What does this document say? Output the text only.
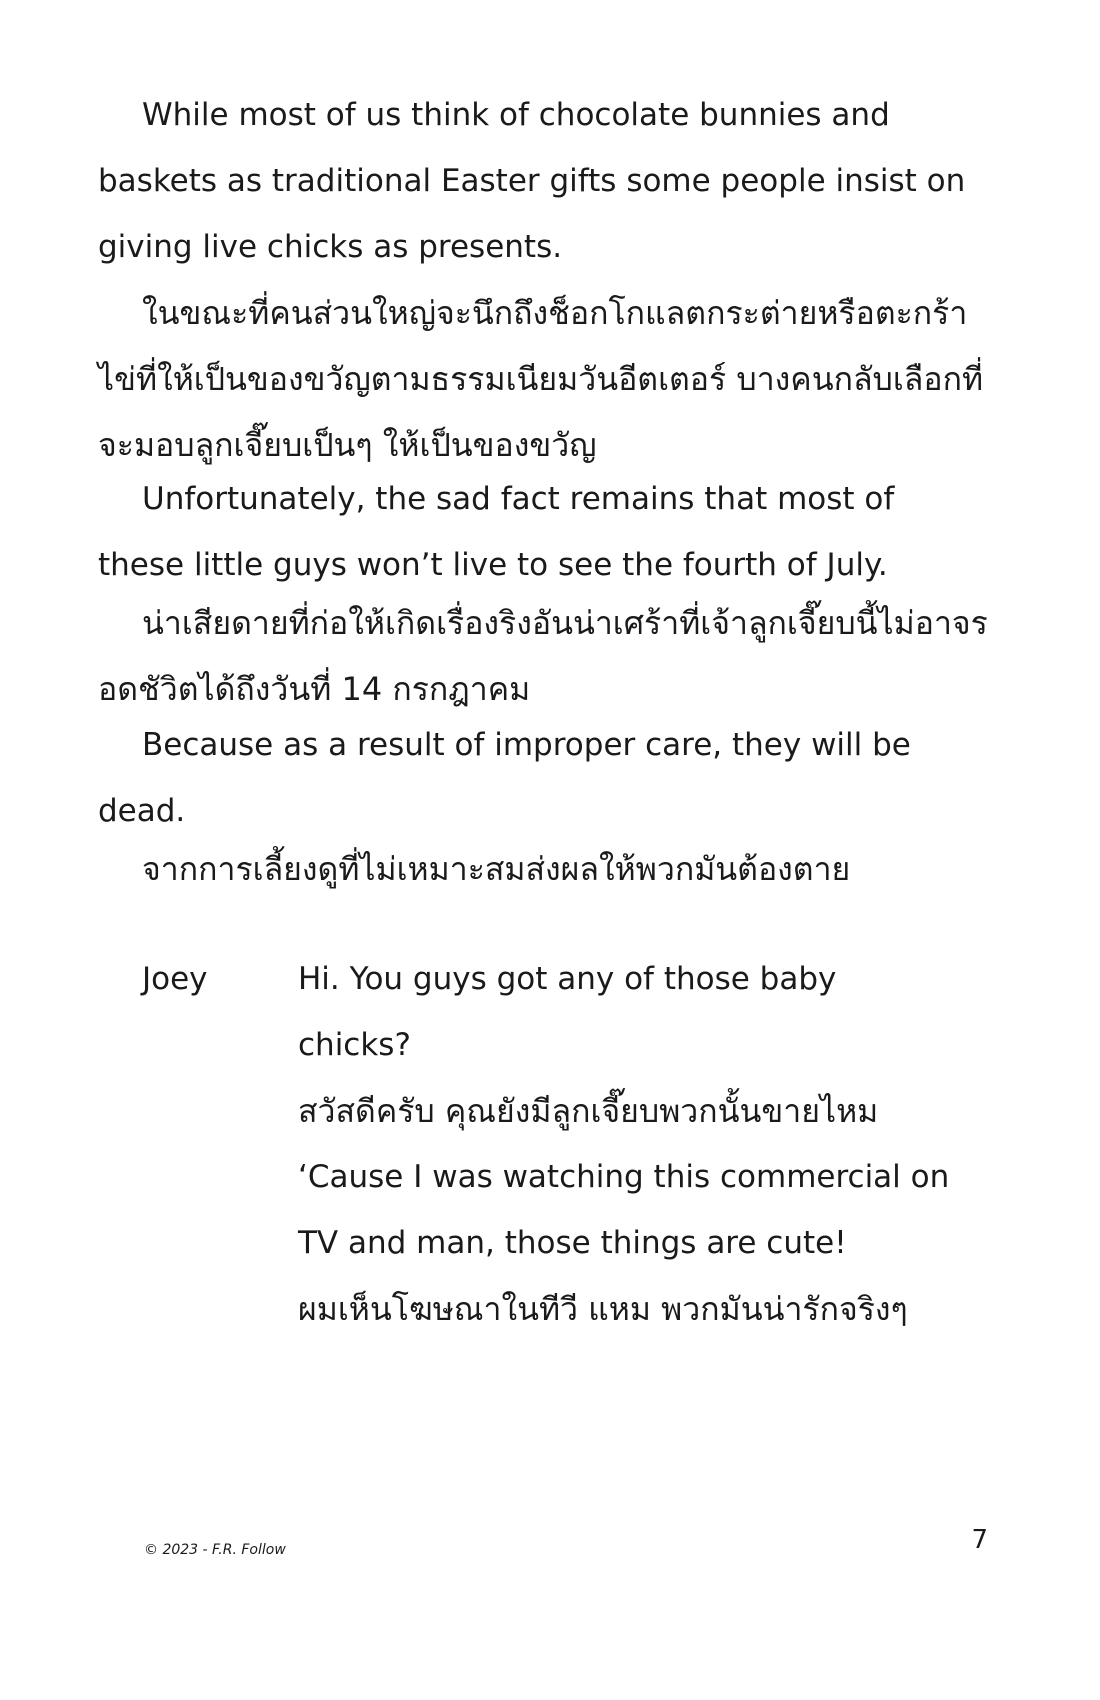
While most of us think of chocolate bunnies and baskets as traditional Easter gifts some people insist on giving live chicks as presents.

ในขณะที่คนส่วนใหญ่จะนึกถึงช็อกโกแลตกระต่ายหรือตะกร้าไข่ที่ให้เป็นของขวัญตามธรรมเนียมวันอีตเตอร์ บางคนกลับเลือกที่จะมอบลูกเจี๊ยบเป็นๆ ให้เป็นของขวัญ

Unfortunately, the sad fact remains that most of these little guys won’t live to see the fourth of July.

น่าเสียดายที่ก่อให้เกิดเรื่องริงอันน่าเศร้าที่เจ้าลูกเจี๊ยบนี้ไม่อาจรอดชัวิตได้ถึงวันที่ 14 กรกฎาคม

Because as a result of improper care, they will be dead.

จากการเลี้ยงดูที่ไม่เหมาะสมส่งผลให้พวกมันต้องตาย

Joey	Hi. You guys got any of those baby

chicks?

สวัสดีครับ คุณยังมีลูกเจี๊ยบพวกนั้นขายไหม

‘Cause I was watching this commercial on

TV and man, those things are cute!

ผมเห็นโฆษณาในทีวี แหม พวกมันน่ารักจริงๆ

© 2023 - F.R. Follow	7
